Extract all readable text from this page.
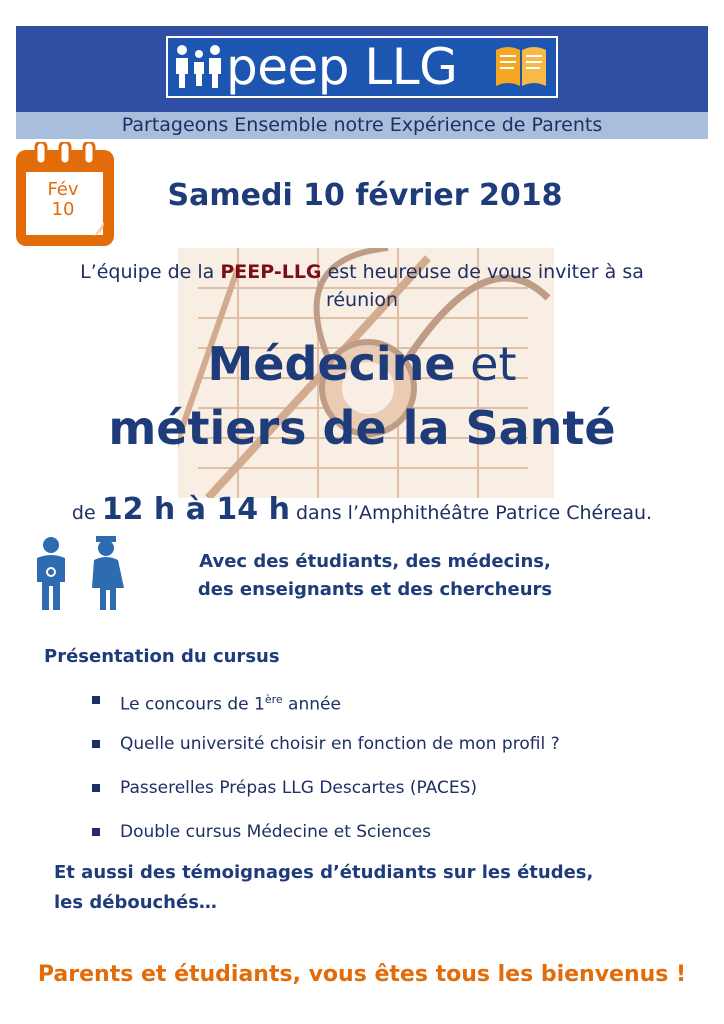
peep LLG
Partageons Ensemble notre Expérience de Parents
Fév
10	Samedi 10 février 2018
L’équipe de la PEEP-LLG est heureuse de vous inviter à sa réunion
Médecine et
métiers de la Santé
de 12 h à 14 h dans l’Amphithéâtre Patrice Chéreau.
Avec des étudiants, des médecins,
des enseignants et des chercheurs
Présentation du cursus
Le concours de 1ère année
Quelle université choisir en fonction de mon profil ?
Passerelles Prépas LLG Descartes (PACES)
Double cursus Médecine et Sciences
Et aussi des témoignages d’étudiants sur les études,
les débouchés…
Parents et étudiants, vous êtes tous les bienvenus !
